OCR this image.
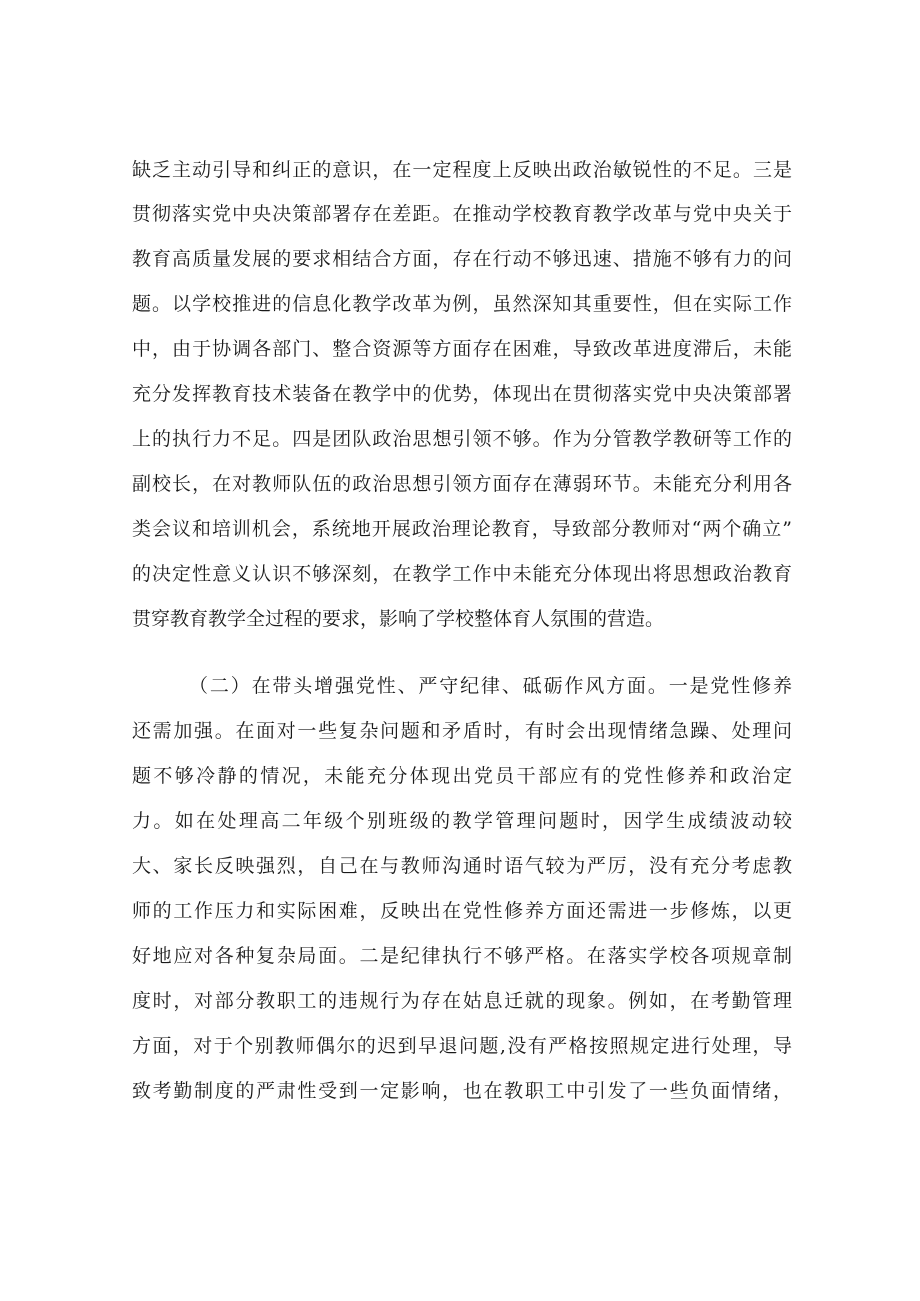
缺乏主动引导和纠正的意识，在一定程度上反映出政治敏锐性的不足。三是
贯彻落实党中央决策部署存在差距。在推动学校教育教学改革与党中央关于
教育高质量发展的要求相结合方面，存在行动不够迅速、措施不够有力的问
题。以学校推进的信息化教学改革为例，虽然深知其重要性，但在实际工作
中，由于协调各部门、整合资源等方面存在困难，导致改革进度滞后，未能
充分发挥教育技术装备在教学中的优势，体现出在贯彻落实党中央决策部署
上的执行力不足。四是团队政治思想引领不够。作为分管教学教研等工作的
副校长，在对教师队伍的政治思想引领方面存在薄弱环节。未能充分利用各
类会议和培训机会，系统地开展政治理论教育，导致部分教师对“两个确立”
的决定性意义认识不够深刻，在教学工作中未能充分体现出将思想政治教育
贯穿教育教学全过程的要求，影响了学校整体育人氛围的营造。
（二）在带头增强党性、严守纪律、砥砺作风方面。一是党性修养
还需加强。在面对一些复杂问题和矛盾时，有时会出现情绪急躁、处理问
题不够冷静的情况，未能充分体现出党员干部应有的党性修养和政治定
力。如在处理高二年级个别班级的教学管理问题时，因学生成绩波动较
大、家长反映强烈，自己在与教师沟通时语气较为严厉，没有充分考虑教
师的工作压力和实际困难，反映出在党性修养方面还需进一步修炼，以更
好地应对各种复杂局面。二是纪律执行不够严格。在落实学校各项规章制
度时，对部分教职工的违规行为存在姑息迁就的现象。例如，在考勤管理
方面，对于个别教师偶尔的迟到早退问题,没有严格按照规定进行处理，导
致考勤制度的严肃性受到一定影响，也在教职工中引发了一些负面情绪，
